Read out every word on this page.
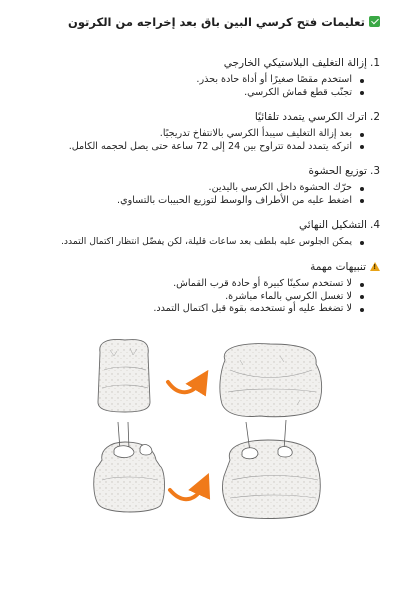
تعليمات فتح كرسي البين باق بعد إخراجه من الكرتون

1.إزالة التغليف البلاستيكي الخارجي

استخدم مقصًا صغيرًا أو أداة حادة بحذر.
تجنّب قطع قماش الكرسي.

2.اترك الكرسي يتمدد تلقائيًا

بعد إزالة التغليف سيبدأ الكرسي بالانتفاخ تدريجيًا.
اتركه يتمدد لمدة تتراوح بين 24 إلى 72 ساعة حتى يصل لحجمه الكامل.

3.توزيع الحشوة

حرّك الحشوة داخل الكرسي باليدين.
اضغط عليه من الأطراف والوسط لتوزيع الحبيبات بالتساوي.

4.التشكيل النهائي

يمكن الجلوس عليه بلطف بعد ساعات قليلة، لكن يفضّل انتظار اكتمال التمدد.

!تنبيهات مهمة

لا تستخدم سكينًا كبيرة أو حادة قرب القماش.
لا تغسل الكرسي بالماء مباشرة.
لا تضغط عليه أو تستخدمه بقوة قبل اكتمال التمدد.
